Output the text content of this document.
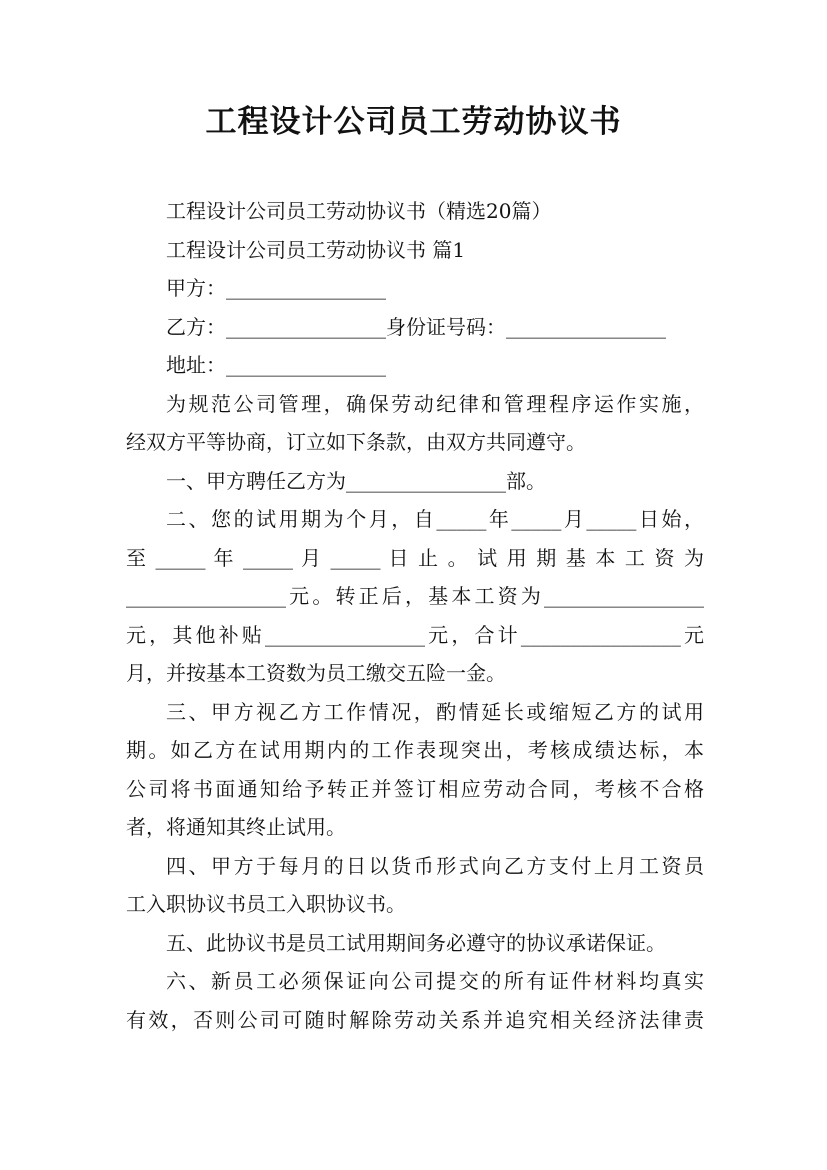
工程设计公司员工劳动协议书
工程设计公司员工劳动协议书（精选20篇）
工程设计公司员工劳动协议书 篇1
甲方：________________
乙方：________________身份证号码：________________
地址：________________
为规范公司管理，确保劳动纪律和管理程序运作实施，
经双方平等协商，订立如下条款，由双方共同遵守。
一、甲方聘任乙方为________________部。
二、您的试用期为个月，自_____年_____月_____日始，
至 _____ 年 _____ 月 _____ 日 止 。 试 用 期 基 本 工 资 为
________________元。转正后，基本工资为________________
元，其他补贴________________元，合计________________元
月，并按基本工资数为员工缴交五险一金。
三、甲方视乙方工作情况，酌情延长或缩短乙方的试用
期。如乙方在试用期内的工作表现突出，考核成绩达标，本
公司将书面通知给予转正并签订相应劳动合同，考核不合格
者，将通知其终止试用。
四、甲方于每月的日以货币形式向乙方支付上月工资员
工入职协议书员工入职协议书。
五、此协议书是员工试用期间务必遵守的协议承诺保证。
六、新员工必须保证向公司提交的所有证件材料均真实
有效，否则公司可随时解除劳动关系并追究相关经济法律责
